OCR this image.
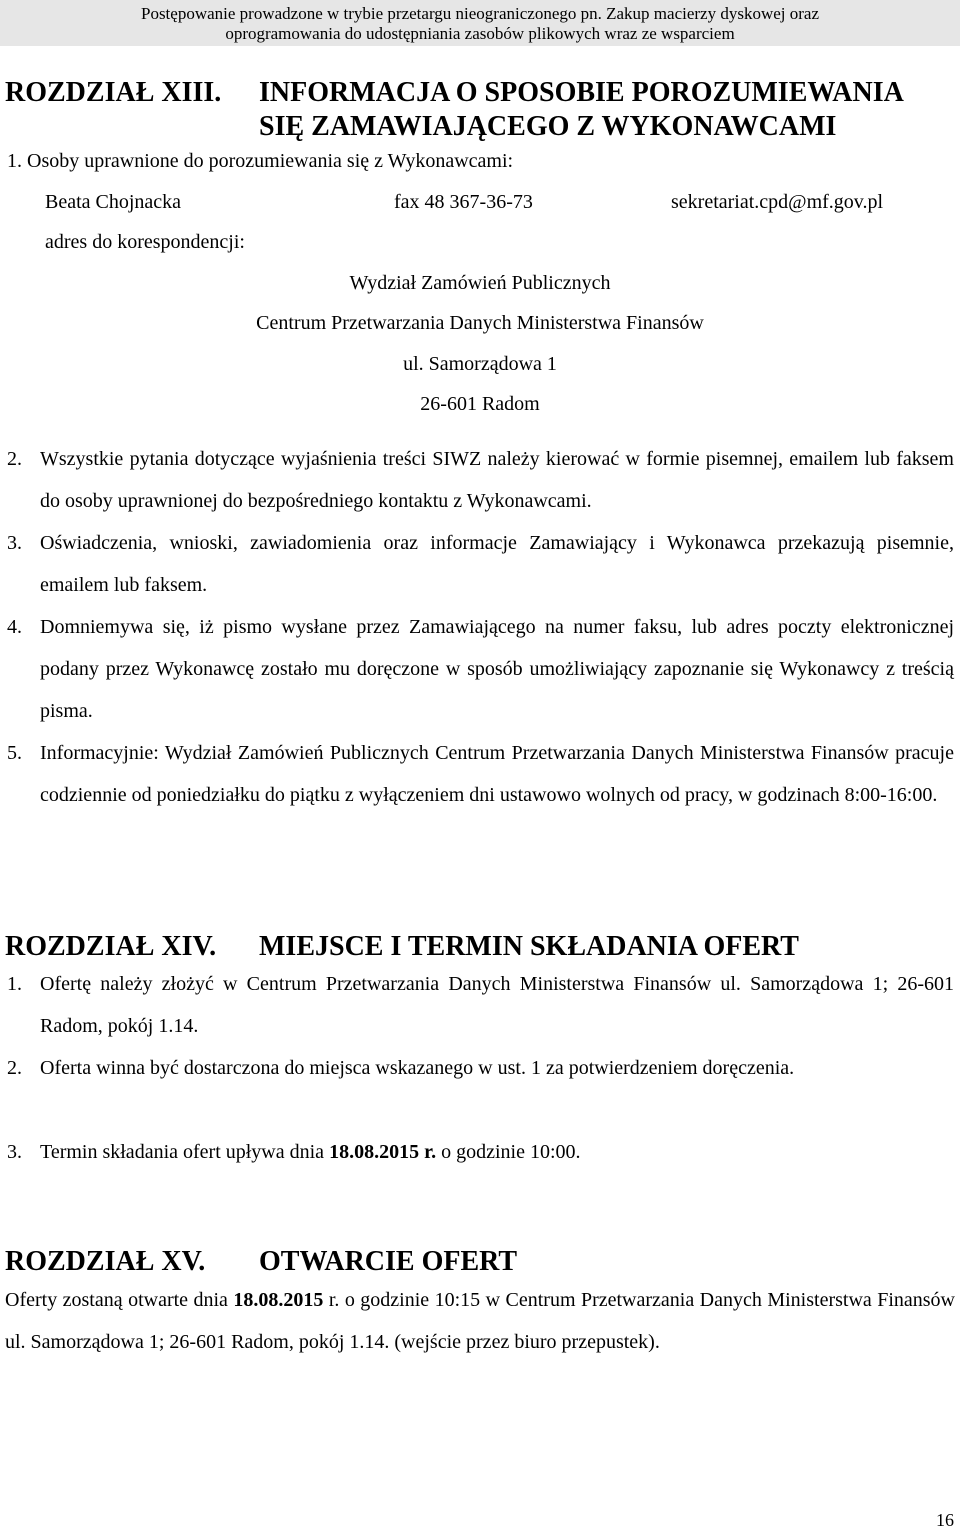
Postępowanie prowadzone w trybie przetargu nieograniczonego pn. Zakup macierzy dyskowej oraz
oprogramowania do udostępniania zasobów plikowych wraz ze wsparciem
ROZDZIAŁ XIII. INFORMACJA O SPOSOBIE POROZUMIEWANIA
SIĘ ZAMAWIAJĄCEGO Z WYKONAWCAMI
1. Osoby uprawnione do porozumiewania się z Wykonawcami:
Beata Chojnacka	fax 48 367-36-73	sekretariat.cpd@mf.gov.pl
adres do korespondencji:
Wydział Zamówień Publicznych
Centrum Przetwarzania Danych Ministerstwa Finansów
ul. Samorządowa 1
26-601 Radom
2. Wszystkie pytania dotyczące wyjaśnienia treści SIWZ należy kierować w formie pisemnej, emailem lub faksem do osoby uprawnionej do bezpośredniego kontaktu z Wykonawcami.
3. Oświadczenia, wnioski, zawiadomienia oraz informacje Zamawiający i Wykonawca przekazują pisemnie, emailem lub faksem.
4. Domniemywa się, iż pismo wysłane przez Zamawiającego na numer faksu, lub adres poczty elektronicznej podany przez Wykonawcę zostało mu doręczone w sposób umożliwiający zapoznanie się Wykonawcy z treścią pisma.
5. Informacyjnie: Wydział Zamówień Publicznych Centrum Przetwarzania Danych Ministerstwa Finansów pracuje codziennie od poniedziałku do piątku z wyłączeniem dni ustawowo wolnych od pracy, w godzinach 8:00-16:00.
ROZDZIAŁ XIV. MIEJSCE I TERMIN SKŁADANIA OFERT
1. Ofertę należy złożyć w Centrum Przetwarzania Danych Ministerstwa Finansów ul. Samorządowa 1; 26-601 Radom, pokój 1.14.
2. Oferta winna być dostarczona do miejsca wskazanego w ust. 1 za potwierdzeniem doręczenia.
3. Termin składania ofert upływa dnia 18.08.2015 r. o godzinie 10:00.
ROZDZIAŁ XV. OTWARCIE OFERT
Oferty zostaną otwarte dnia 18.08.2015 r. o godzinie 10:15 w Centrum Przetwarzania Danych Ministerstwa Finansów ul. Samorządowa 1; 26-601 Radom, pokój 1.14. (wejście przez biuro przepustek).
16
